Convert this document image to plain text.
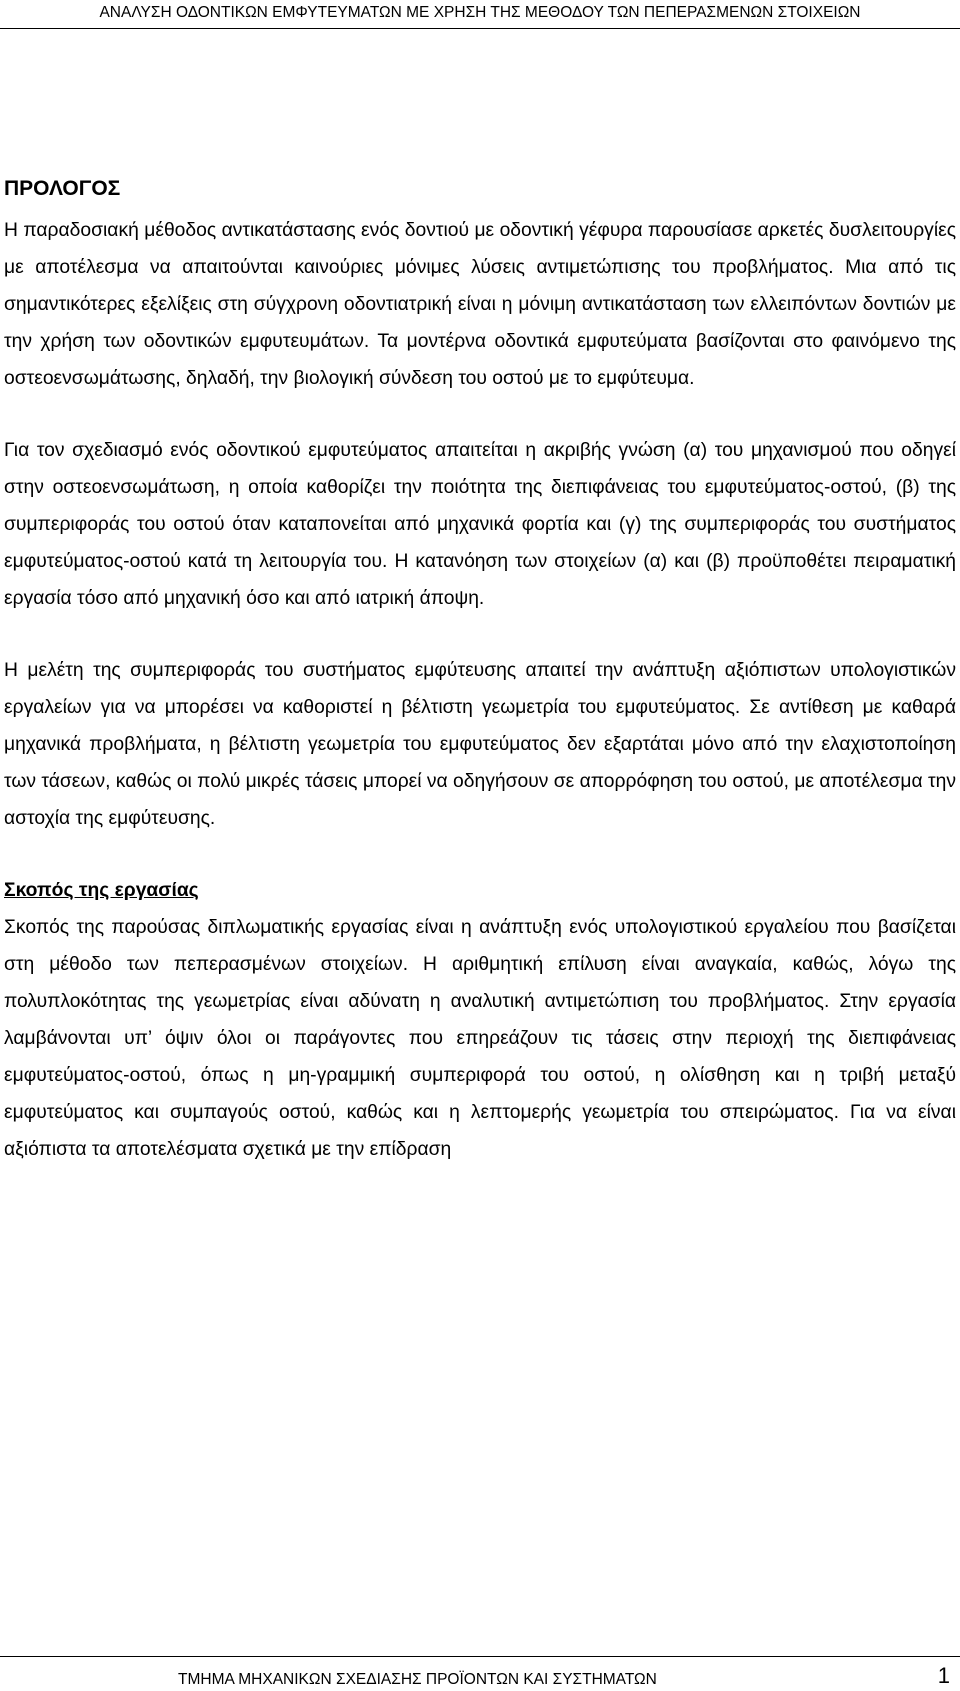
ΑΝΑΛΥΣΗ ΟΔΟΝΤΙΚΩΝ ΕΜΦΥΤΕΥΜΑΤΩΝ ΜΕ ΧΡΗΣΗ ΤΗΣ ΜΕΘΟΔΟΥ ΤΩΝ ΠΕΠΕΡΑΣΜΕΝΩΝ ΣΤΟΙΧΕΙΩΝ
ΠΡΟΛΟΓΟΣ

Η παραδοσιακή μέθοδος αντικατάστασης ενός δοντιού με οδοντική γέφυρα παρουσίασε αρκετές δυσλειτουργίες με αποτέλεσμα να απαιτούνται καινούριες μόνιμες λύσεις αντιμετώπισης του προβλήματος. Μια από τις σημαντικότερες εξελίξεις στη σύγχρονη οδοντιατρική είναι η μόνιμη αντικατάσταση των ελλειπόντων δοντιών με την χρήση των οδοντικών εμφυτευμάτων. Τα μοντέρνα οδοντικά εμφυτεύματα βασίζονται στο φαινόμενο της οστεοενσωμάτωσης, δηλαδή, την βιολογική σύνδεση του οστού με το εμφύτευμα.

Για τον σχεδιασμό ενός οδοντικού εμφυτεύματος απαιτείται η ακριβής γνώση (α) του μηχανισμού που οδηγεί στην οστεοενσωμάτωση, η οποία καθορίζει την ποιότητα της διεπιφάνειας του εμφυτεύματος-οστού, (β) της συμπεριφοράς του οστού όταν καταπονείται από μηχανικά φορτία και (γ) της συμπεριφοράς του συστήματος εμφυτεύματος-οστού κατά τη λειτουργία του. Η κατανόηση των στοιχείων (α) και (β) προϋποθέτει πειραματική εργασία τόσο από μηχανική όσο και από ιατρική άποψη.

Η μελέτη της συμπεριφοράς του συστήματος εμφύτευσης απαιτεί την ανάπτυξη αξιόπιστων υπολογιστικών εργαλείων για να μπορέσει να καθοριστεί η βέλτιστη γεωμετρία του εμφυτεύματος. Σε αντίθεση με καθαρά μηχανικά προβλήματα, η βέλτιστη γεωμετρία του εμφυτεύματος δεν εξαρτάται μόνο από την ελαχιστοποίηση των τάσεων, καθώς οι πολύ μικρές τάσεις μπορεί να οδηγήσουν σε απορρόφηση του οστού, με αποτέλεσμα την αστοχία της εμφύτευσης.

Σκοπός της εργασίας

Σκοπός της παρούσας διπλωματικής εργασίας είναι η ανάπτυξη ενός υπολογιστικού εργαλείου που βασίζεται στη μέθοδο των πεπερασμένων στοιχείων. Η αριθμητική επίλυση είναι αναγκαία, καθώς, λόγω της πολυπλοκότητας της γεωμετρίας είναι αδύνατη η αναλυτική αντιμετώπιση του προβλήματος. Στην εργασία λαμβάνονται υπ’ όψιν όλοι οι παράγοντες που επηρεάζουν τις τάσεις στην περιοχή της διεπιφάνειας εμφυτεύματος-οστού, όπως η μη-γραμμική συμπεριφορά του οστού, η ολίσθηση και η τριβή μεταξύ εμφυτεύματος και συμπαγούς οστού, καθώς και η λεπτομερής γεωμετρία του σπειρώματος. Για να είναι αξιόπιστα τα αποτελέσματα σχετικά με την επίδραση

ΤΜΗΜΑ ΜΗΧΑΝΙΚΩΝ ΣΧΕΔΙΑΣΗΣ ΠΡΟΪΟΝΤΩΝ ΚΑΙ ΣΥΣΤΗΜΑΤΩΝ	1
